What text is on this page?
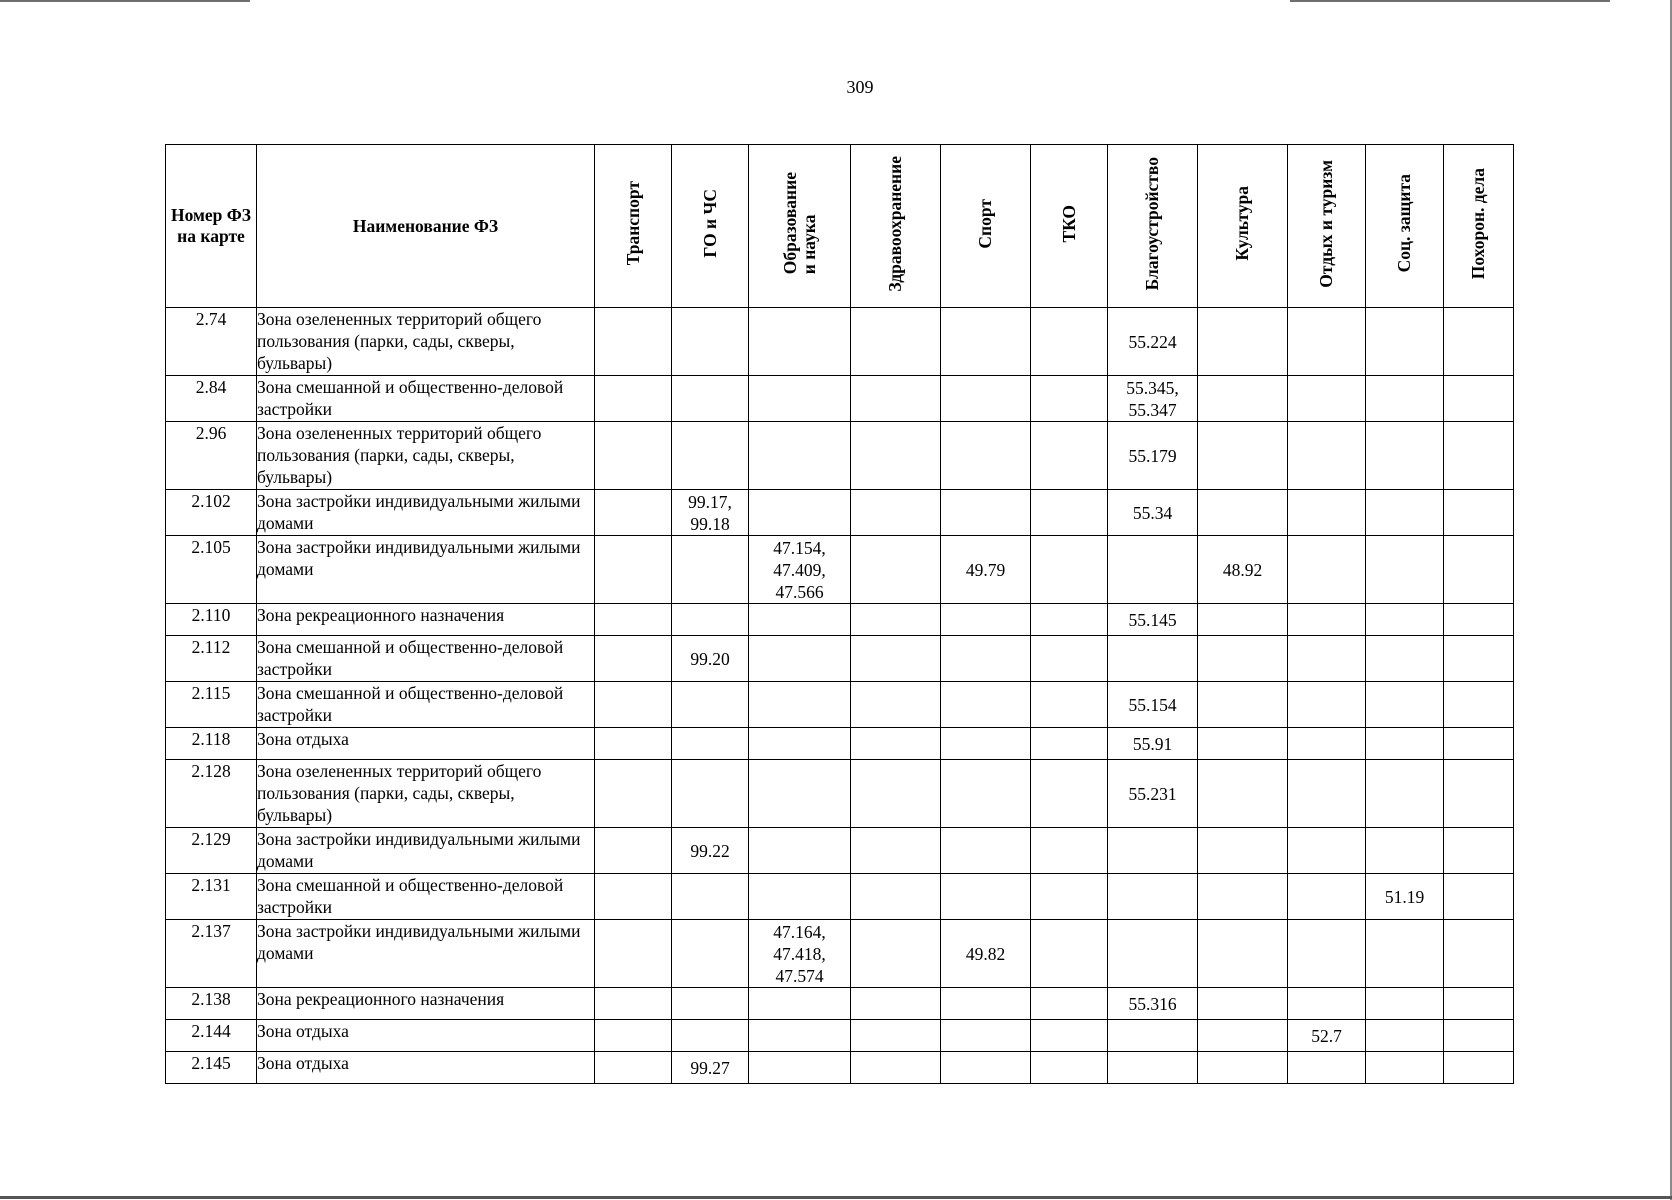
309
Номер ФЗ на карте	Наименование ФЗ	Транспорт	ГО и ЧС	Образование
и наука	Здравоохранение	Спорт	ТКО	Благоустройство	Культура	Отдых и туризм	Соц. защита	Похорон. дела
2.74	Зона озелененных территорий общего пользования (парки, сады, скверы, бульвары)							55.224				
2.84	Зона смешанной и общественно-деловой застройки							55.345,
55.347				
2.96	Зона озелененных территорий общего пользования (парки, сады, скверы, бульвары)							55.179				
2.102	Зона застройки индивидуальными жилыми домами		99.17,
99.18					55.34				
2.105	Зона застройки индивидуальными жилыми домами			47.154,
47.409,
47.566		49.79			48.92			
2.110	Зона рекреационного назначения							55.145				
2.112	Зона смешанной и общественно-деловой застройки		99.20									
2.115	Зона смешанной и общественно-деловой застройки							55.154				
2.118	Зона отдыха							55.91				
2.128	Зона озелененных территорий общего пользования (парки, сады, скверы, бульвары)							55.231				
2.129	Зона застройки индивидуальными жилыми домами		99.22									
2.131	Зона смешанной и общественно-деловой застройки										51.19	
2.137	Зона застройки индивидуальными жилыми домами			47.164,
47.418,
47.574		49.82						
2.138	Зона рекреационного назначения							55.316				
2.144	Зона отдыха									52.7		
2.145	Зона отдыха		99.27									
